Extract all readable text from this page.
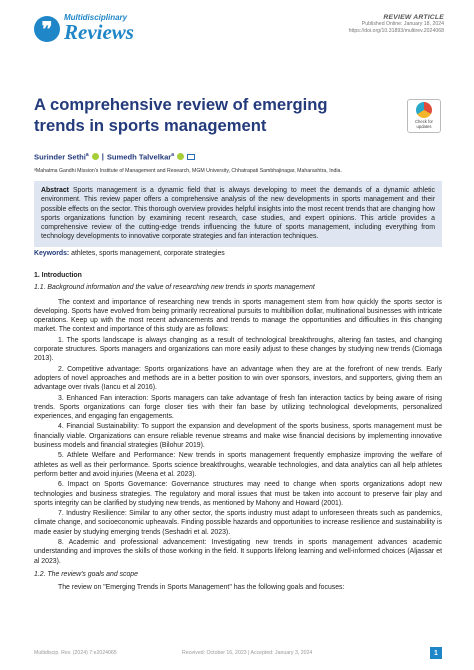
❞	Multidisciplinary
Reviews
REVIEW ARTICLE
Published Online: January 18, 2024
https://doi.org/10.31893/multirev.2024068
A comprehensive review of emerging trends in sports management	Check for updates
Surinder Sethi$^a$ | Sumedh Talvelkar$^a$
ᵃMahatma Gandhi Mission's Institute of Management and Research, MGM University, Chhatrapati Sambhajinagar, Maharashtra, India.
Abstract Sports management is a dynamic field that is always developing to meet the demands of a dynamic athletic environment. This review paper offers a comprehensive analysis of the new developments in sports management and their possible effects on the sector. This thorough overview provides helpful insights into the most recent trends that are changing how sports organizations function by examining recent research, case studies, and expert opinions. This article provides a comprehensive review of the cutting-edge trends influencing the future of sports management, including everything from technology developments to innovative corporate strategies and fan interaction techniques.
Keywords: athletes, sports management, corporate strategies
1. Introduction
1.1. Background information and the value of researching new trends in sports management

The context and importance of researching new trends in sports management stem from how quickly the sports sector is developing. Sports have evolved from being primarily recreational pursuits to multibillion dollar, multinational businesses with intricate operations. Keep up with the most recent advancements and trends to manage the opportunities and difficulties in this changing market. The context and importance of this study are as follows:

1. The sports landscape is always changing as a result of technological breakthroughs, altering fan tastes, and changing corporate structures. Sports managers and organizations can more easily adjust to these changes by studying new trends (Ciomaga 2013).

2. Competitive advantage: Sports organizations have an advantage when they are at the forefront of new trends. Early adopters of novel approaches and methods are in a better position to win over sponsors, investors, and supporters, giving them an advantage over rivals (Iancu et al 2016).

3. Enhanced Fan interaction: Sports managers can take advantage of fresh fan interaction tactics by being aware of rising trends. Sports organizations can forge closer ties with their fan base by utilizing technological developments, personalized experiences, and engaging fan engagements.

4. Financial Sustainability: To support the expansion and development of the sports business, sports management must be financially viable. Organizations can ensure reliable revenue streams and make wise financial decisions by implementing innovative business models and financial strategies (Bilohur 2019).

5. Athlete Welfare and Performance: New trends in sports management frequently emphasize improving the welfare of athletes as well as their performance. Sports science breakthroughs, wearable technologies, and data analytics can all help athletes perform better and avoid injuries (Meena et al. 2023).

6. Impact on Sports Governance: Governance structures may need to change when sports organizations adopt new technologies and business strategies. The regulatory and moral issues that must be taken into account to preserve fair play and sports integrity can be clarified by studying new trends, as mentioned by Mahony and Howard (2001).

7. Industry Resilience: Similar to any other sector, the sports industry must adapt to unforeseen threats such as pandemics, climate change, and socioeconomic upheavals. Finding possible hazards and opportunities to increase resilience and sustainability is made easier by studying emerging trends (Seshadri et al. 2023).

8. Academic and professional advancement: Investigating new trends in sports management advances academic understanding and improves the skills of those working in the field. It supports lifelong learning and well-informed choices (Aljassar et al 2023).

1.2. The review's goals and scope

The review on "Emerging Trends in Sports Management" has the following goals and focuses:

Multidiscip. Rev. (2024) 7:e2024065	Received: October 16, 2023 | Accepted: January 3, 2024	1
